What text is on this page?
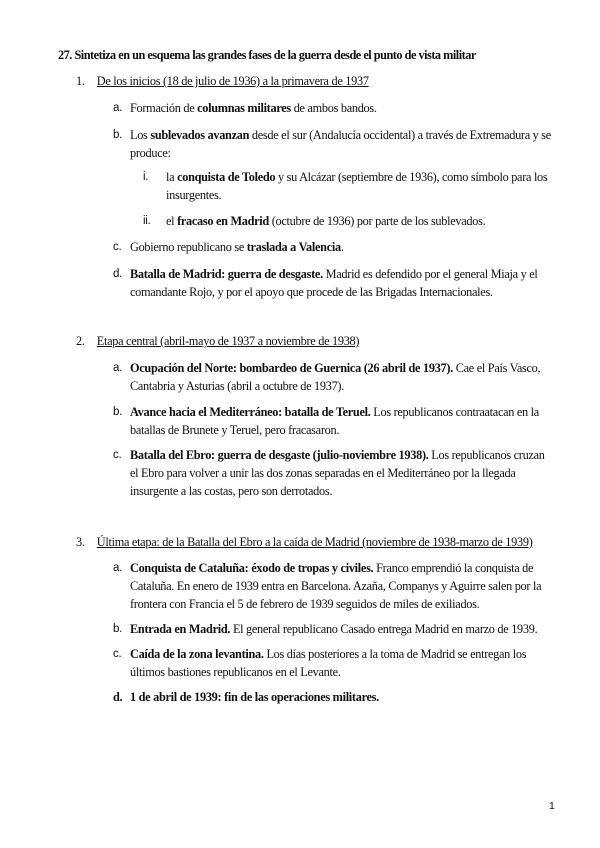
27. Sintetiza en un esquema las grandes fases de la guerra desde el punto de vista militar
1. De los inicios (18 de julio de 1936) a la primavera de 1937
a. Formación de columnas militares de ambos bandos.
b. Los sublevados avanzan desde el sur (Andalucía occidental) a través de Extremadura y se produce:
i. la conquista de Toledo y su Alcázar (septiembre de 1936), como símbolo para los insurgentes.
ii. el fracaso en Madrid (octubre de 1936) por parte de los sublevados.
c. Gobierno republicano se traslada a Valencia.
d. Batalla de Madrid: guerra de desgaste. Madrid es defendido por el general Miaja y el comandante Rojo, y por el apoyo que procede de las Brigadas Internacionales.
2. Etapa central (abril-mayo de 1937 a noviembre de 1938)
a. Ocupación del Norte: bombardeo de Guernica (26 abril de 1937). Cae el País Vasco, Cantabria y Asturias (abril a octubre de 1937).
b. Avance hacia el Mediterráneo: batalla de Teruel. Los republicanos contraatacan en la batallas de Brunete y Teruel, pero fracasaron.
c. Batalla del Ebro: guerra de desgaste (julio-noviembre 1938). Los republicanos cruzan el Ebro para volver a unir las dos zonas separadas en el Mediterráneo por la llegada insurgente a las costas, pero son derrotados.
3. Última etapa: de la Batalla del Ebro a la caída de Madrid (noviembre de 1938-marzo de 1939)
a. Conquista de Cataluña: éxodo de tropas y civiles. Franco emprendió la conquista de Cataluña. En enero de 1939 entra en Barcelona. Azaña, Companys y Aguirre salen por la frontera con Francia el 5 de febrero de 1939 seguidos de miles de exiliados.
b. Entrada en Madrid. El general republicano Casado entrega Madrid en marzo de 1939.
c. Caída de la zona levantina. Los días posteriores a la toma de Madrid se entregan los últimos bastiones republicanos en el Levante.
d. 1 de abril de 1939: fin de las operaciones militares.
1
